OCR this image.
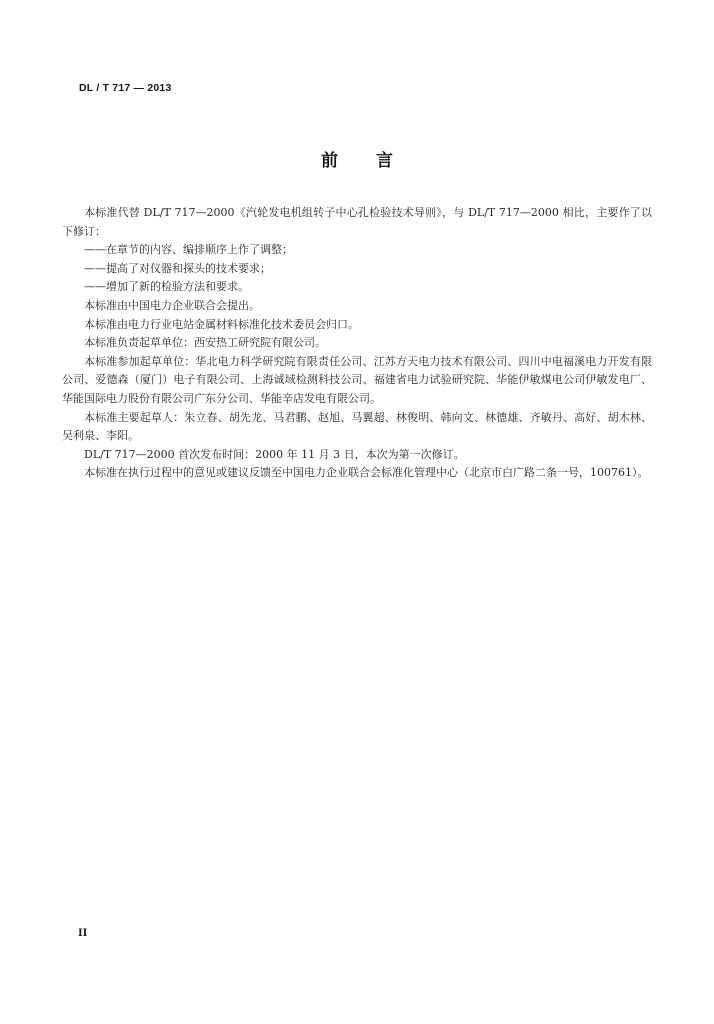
DL / T 717 — 2013
前言

本标准代替 DL/T 717—2000《汽轮发电机组转子中心孔检验技术导则》，与 DL/T 717—2000 相比，主要作了以下修订：

——在章节的内容、编排顺序上作了调整；

——提高了对仪器和探头的技术要求；

——增加了新的检验方法和要求。

本标准由中国电力企业联合会提出。

本标准由电力行业电站金属材料标准化技术委员会归口。

本标准负责起草单位：西安热工研究院有限公司。

本标准参加起草单位：华北电力科学研究院有限责任公司、江苏方天电力技术有限公司、四川中电福溪电力开发有限公司、爱德森（厦门）电子有限公司、上海诚域检测科技公司、福建省电力试验研究院、华能伊敏煤电公司伊敏发电厂、华能国际电力股份有限公司广东分公司、华能辛店发电有限公司。

本标准主要起草人：朱立春、胡先龙、马君鹏、赵旭、马翼超、林俊明、韩向文、林德雄、齐敏丹、高好、胡木林、吴利泉、李阳。

DL/T 717—2000 首次发布时间：2000 年 11 月 3 日，本次为第一次修订。

本标准在执行过程中的意见或建议反馈至中国电力企业联合会标准化管理中心（北京市白广路二条一号，100761）。

II
